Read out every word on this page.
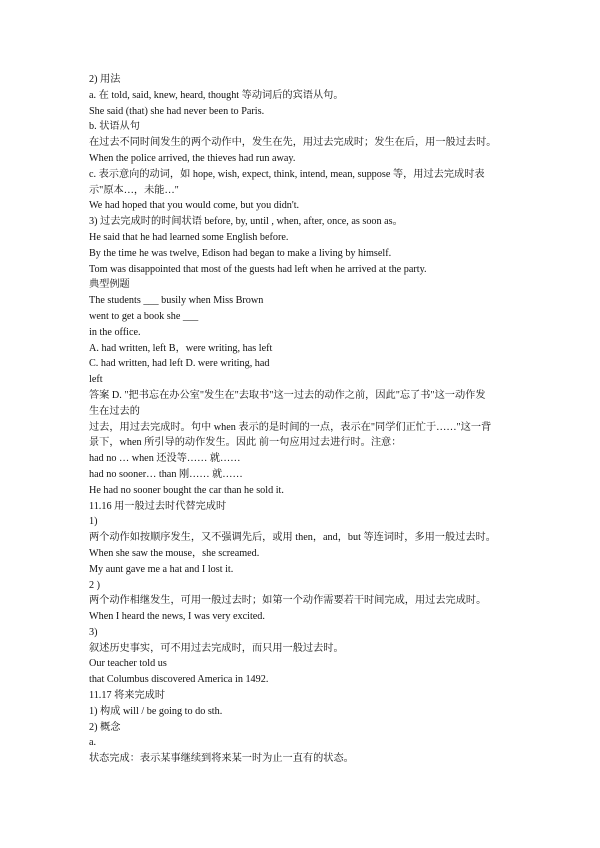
2) 用法
a. 在 told, said, knew, heard, thought 等动词后的宾语从句。
She said (that) she had never been to Paris.
b. 状语从句
在过去不同时间发生的两个动作中，发生在先，用过去完成时；发生在后，用一般过去时。
When the police arrived, the thieves had run away.
c. 表示意向的动词，如 hope, wish, expect, think, intend, mean, suppose 等，用过去完成时表
示"原本…，未能…"
We had hoped that you would come, but you didn't.
3) 过去完成时的时间状语 before, by, until , when, after, once, as soon as。
He said that he had learned some English before.
By the time he was twelve, Edison had began to make a living by himself.
Tom was disappointed that most of the guests had left when he arrived at the party.
典型例题
The students ___ busily when Miss Brown
went to get a book she ___
in the office.
A. had written, left B，were writing, has left
C. had written, had left D. were writing, had
left
答案 D. "把书忘在办公室"发生在"去取书"这一过去的动作之前，因此"忘了书"这一动作发
生在过去的
过去，用过去完成时。句中 when 表示的是时间的一点，表示在"同学们正忙于……"这一背
景下，when 所引导的动作发生。因此 前一句应用过去进行时。注意：
had no … when 还没等…… 就……
had no sooner… than 刚…… 就……
He had no sooner bought the car than he sold it.
11.16 用一般过去时代替完成时
1)
两个动作如按顺序发生，又不强调先后，或用 then，and，but 等连词时，多用一般过去时。
When she saw the mouse，she screamed.
My aunt gave me a hat and I lost it.
2 )
两个动作相继发生，可用一般过去时；如第一个动作需要若干时间完成，用过去完成时。
When I heard the news, I was very excited.
3)
叙述历史事实，可不用过去完成时，而只用一般过去时。
Our teacher told us
that Columbus discovered America in 1492.
11.17 将来完成时
1) 构成 will / be going to do sth.
2) 概念
a.
状态完成：表示某事继续到将来某一时为止一直有的状态。
